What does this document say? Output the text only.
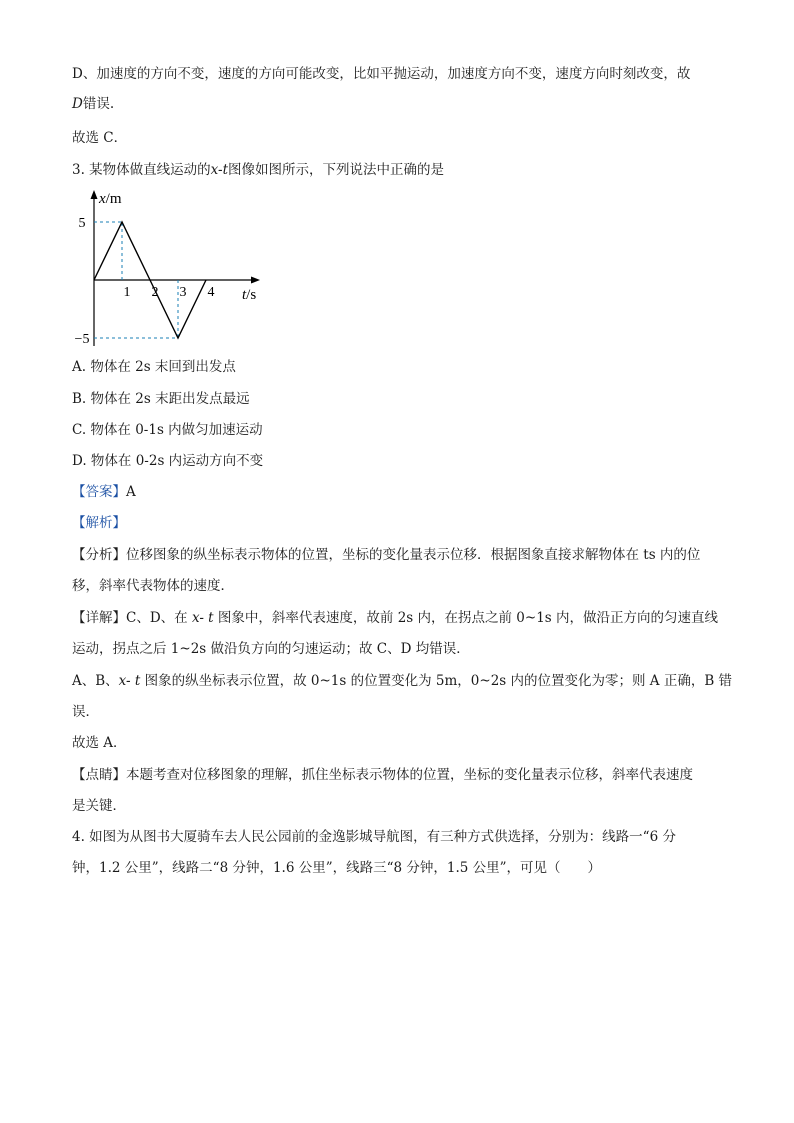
D、加速度的方向不变，速度的方向可能改变，比如平抛运动，加速度方向不变，速度方向时刻改变，故
D错误.
故选 C．
3. 某物体做直线运动的x-t图像如图所示，下列说法中正确的是
x/m
t/s
5
−5
1 2 3 4
A. 物体在 2s 末回到出发点
B. 物体在 2s 末距出发点最远
C. 物体在 0-1s 内做匀加速运动
D. 物体在 0-2s 内运动方向不变
【答案】A
【解析】
【分析】位移图象的纵坐标表示物体的位置，坐标的变化量表示位移．根据图象直接求解物体在 ts 内的位
移，斜率代表物体的速度．
【详解】C、D、在 x- t 图象中，斜率代表速度，故前 2s 内，在拐点之前 0~1s 内，做沿正方向的匀速直线
运动，拐点之后 1~2s 做沿负方向的匀速运动；故 C、D 均错误．
A、B、x- t 图象的纵坐标表示位置，故 0~1s 的位置变化为 5m，0~2s 内的位置变化为零；则 A 正确，B 错
误．
故选 A．
【点睛】本题考查对位移图象的理解，抓住坐标表示物体的位置，坐标的变化量表示位移，斜率代表速度
是关键．
4. 如图为从图书大厦骑车去人民公园前的金逸影城导航图，有三种方式供选择，分别为：线路一“6 分
钟，1.2 公里”，线路二“8 分钟，1.6 公里”，线路三“8 分钟，1.5 公里”，可见（　　）
